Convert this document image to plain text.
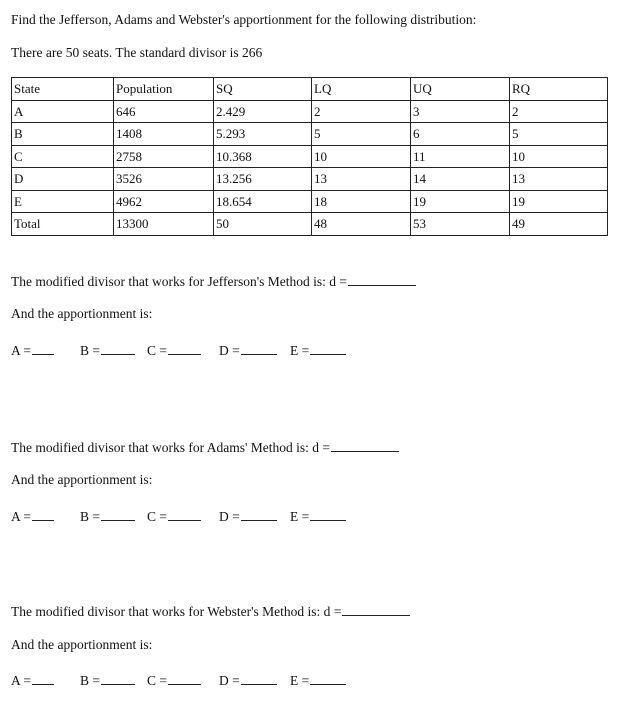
Find the Jefferson, Adams and Webster's apportionment for the following distribution:
There are 50 seats. The standard divisor is 266
State	Population	SQ	LQ	UQ	RQ
A	646	2.429	2	3	2
B	1408	5.293	5	6	5
C	2758	10.368	10	11	10
D	3526	13.256	13	14	13
E	4962	18.654	18	19	19
Total	13300	50	48	53	49
The modified divisor that works for Jefferson's Method is: d =
And the apportionment is:
A =	B =	C =	D =	E =
The modified divisor that works for Adams' Method is: d =
And the apportionment is:
A =	B =	C =	D =	E =
The modified divisor that works for Webster's Method is: d =
And the apportionment is:
A =	B =	C =	D =	E =
